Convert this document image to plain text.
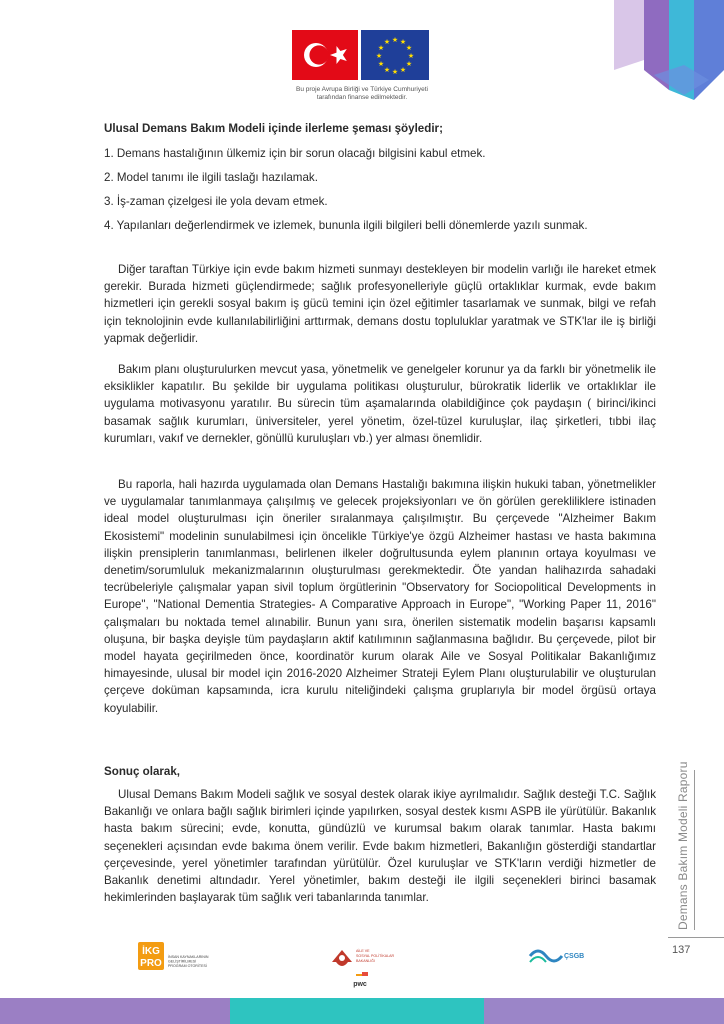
★ ★
★
★
★
★
★
★
★
★
★
★
Bu proje Avrupa Birliği ve Türkiye Cumhuriyeti
tarafından finanse edilmektedir.
Ulusal Demans Bakım Modeli içinde ilerleme şeması şöyledir;
1. Demans hastalığının ülkemiz için bir sorun olacağı bilgisini kabul etmek.
2. Model tanımı ile ilgili taslağı hazılamak.
3. İş-zaman çizelgesi ile yola devam etmek.
4. Yapılanları değerlendirmek ve izlemek, bununla ilgili bilgileri belli dönemlerde yazılı sunmak.

Diğer taraftan Türkiye için evde bakım hizmeti sunmayı destekleyen bir modelin varlığı ile hareket etmek gerekir. Burada hizmeti güçlendirmede; sağlık profesyonelleriyle güçlü ortaklıklar kurmak, evde bakım hizmetleri için gerekli sosyal bakım iş gücü temini için özel eğitimler tasarlamak ve sunmak, bilgi ve refah için teknolojinin evde kullanılabilirliğini arttırmak, demans dostu topluluklar yaratmak ve STK'lar ile iş birliği yapmak değerlidir.

Bakım planı oluşturulurken mevcut yasa, yönetmelik ve genelgeler korunur ya da farklı bir yönetmelik ile eksiklikler kapatılır. Bu şekilde bir uygulama politikası oluşturulur, bürokratik liderlik ve ortaklıklar ile uygulama motivasyonu yaratılır. Bu sürecin tüm aşamalarında olabildiğince çok paydaşın ( birinci/ikinci basamak sağlık kurumları, üniversiteler, yerel yönetim, özel-tüzel kuruluşlar, ilaç şirketleri, tıbbi ilaç kurumları, vakıf ve dernekler, gönüllü kuruluşları vb.) yer alması önemlidir.

Bu raporla, hali hazırda uygulamada olan Demans Hastalığı bakımına ilişkin hukuki taban, yönetmelikler ve uygulamalar tanımlanmaya çalışılmış ve gelecek projeksiyonları ve ön görülen gerekliliklere istinaden ideal model oluşturulması için öneriler sıralanmaya çalışılmıştır. Bu çerçevede "Alzheimer Bakım Ekosistemi" modelinin sunulabilmesi için öncelikle Türkiye'ye özgü Alzheimer hastası ve hasta bakımına ilişkin prensiplerin tanımlanması, belirlenen ilkeler doğrultusunda eylem planının ortaya koyulması ve denetim/sorumluluk mekanizmalarının oluşturulması gerekmektedir. Öte yandan halihazırda sahadaki tecrübeleriyle çalışmalar yapan sivil toplum örgütlerinin "Observatory for Sociopolitical Developments in Europe", "National Dementia Strategies- A Comparative Approach in Europe", "Working Paper 11, 2016" çalışmaları bu noktada temel alınabilir. Bunun yanı sıra, önerilen sistematik modelin başarısı kapsamlı oluşuna, bir başka deyişle tüm paydaşların aktif katılımının sağlanmasına bağlıdır. Bu çerçevede, pilot bir model hayata geçirilmeden önce, koordinatör kurum olarak Aile ve Sosyal Politikalar Bakanlığımız himayesinde, ulusal bir model için 2016-2020 Alzheimer Strateji Eylem Planı oluşturulabilir ve oluşturulan çerçeve doküman kapsamında, icra kurulu niteliğindeki çalışma gruplarıyla bir model örgüsü ortaya koyulabilir.

Sonuç olarak,

Ulusal Demans Bakım Modeli sağlık ve sosyal destek olarak ikiye ayrılmalıdır. Sağlık desteği T.C. Sağlık Bakanlığı ve onlara bağlı sağlık birimleri içinde yapılırken, sosyal destek kısmı ASPB ile yürütülür. Bakanlık hasta bakım sürecini; evde, konutta, gündüzlü ve kurumsal bakım olarak tanımlar. Hasta bakımı seçenekleri açısından evde bakıma önem verilir. Evde bakım hizmetleri, Bakanlığın gösterdiği standartlar çerçevesinde, yerel yönetimler tarafından yürütülür. Özel kuruluşlar ve STK'ların verdiği hizmetler de Bakanlık denetimi altındadır. Yerel yönetimler, bakım desteği ile ilgili seçenekleri birinci basamak hekimlerinden başlayarak tüm sağlık veri tabanlarında tanımlar.	Demans Bakım Modeli Raporu
137
İKG
PRO
İNSAN KAYNAKLARININ
GELİŞTİRİLMESİ
PROGRAM OTORİTESİ
AİLE VE
SOSYAL POLİTİKALAR
BAKANLIĞI
pwc
ÇSGB
